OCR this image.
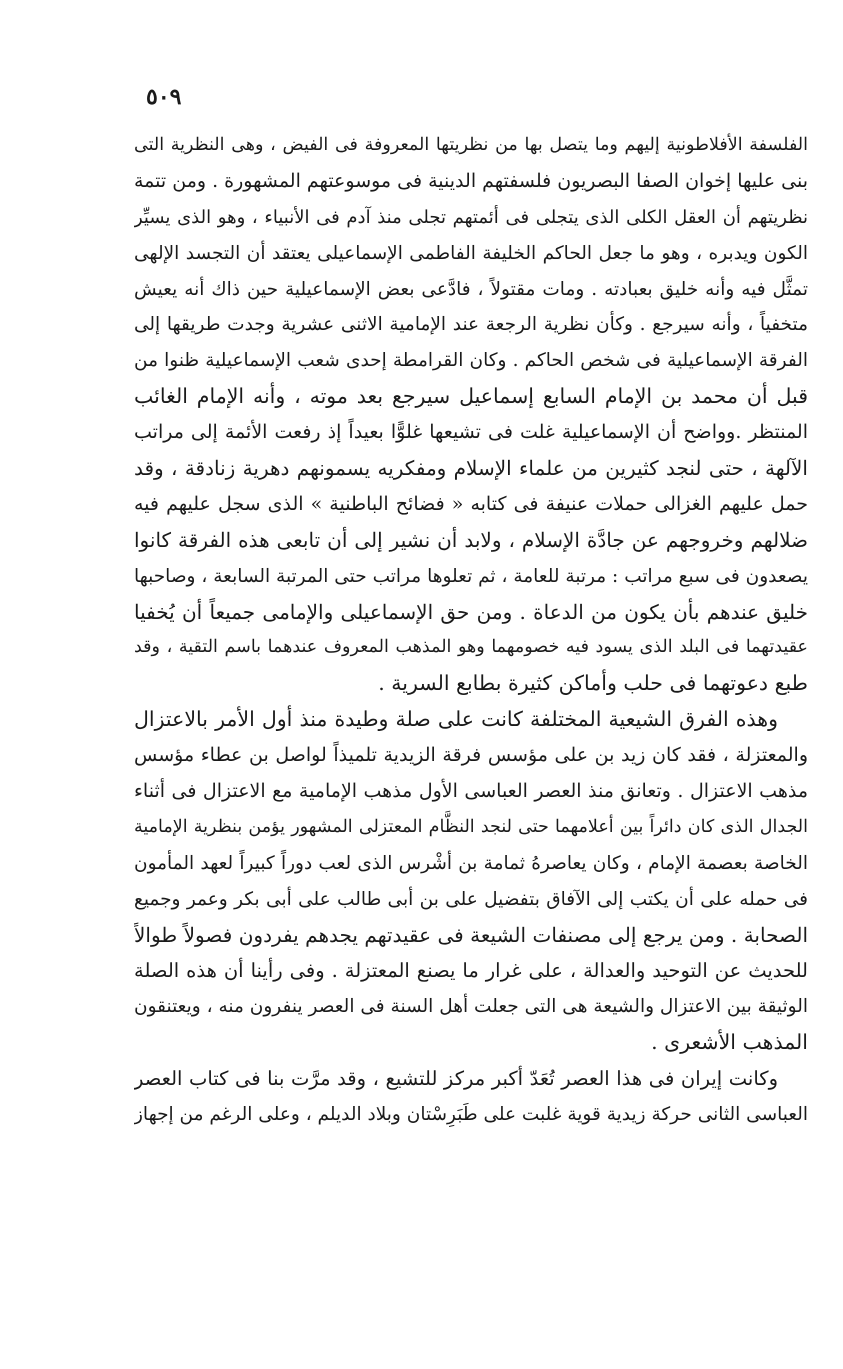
٥٠٩
الفلسفة الأفلاطونية إليهم وما يتصل بها من نظريتها المعروفة فى الفيض ، وهى النظرية التى
بنى عليها إخوان الصفا البصريون فلسفتهم الدينية فى موسوعتهم المشهورة . ومن تتمة
نظريتهم أن العقل الكلى الذى يتجلى فى أئمتهم تجلى منذ آدم فى الأنبياء ، وهو الذى يسيِّر
الكون ويدبره ، وهو ما جعل الحاكم الخليفة الفاطمى الإسماعيلى يعتقد أن التجسد الإلهى
تمثَّل فيه وأنه خليق بعبادته . ومات مقتولاً ، فادَّعى بعض الإسماعيلية حين ذاك أنه يعيش
متخفياً ، وأنه سيرجع . وكأن نظرية الرجعة عند الإمامية الاثنى عشرية وجدت طريقها إلى
الفرقة الإسماعيلية فى شخص الحاكم . وكان القرامطة إحدى شعب الإسماعيلية ظنوا من
قبل أن محمد بن الإمام السابع إسماعيل سيرجع بعد موته ، وأنه الإمام الغائب
المنتظر .وواضح أن الإسماعيلية غلت فى تشيعها غلوًّا بعيداً إذ رفعت الأئمة إلى مراتب
الآلهة ، حتى لنجد كثيرين من علماء الإسلام ومفكريه يسمونهم دهرية زنادقة ، وقد
حمل عليهم الغزالى حملات عنيفة فى كتابه « فضائح الباطنية » الذى سجل عليهم فيه
ضلالهم وخروجهم عن جادَّة الإسلام ، ولابد أن نشير إلى أن تابعى هذه الفرقة كانوا
يصعدون فى سبع مراتب : مرتبة للعامة ، ثم تعلوها مراتب حتى المرتبة السابعة ، وصاحبها
خليق عندهم بأن يكون من الدعاة . ومن حق الإسماعيلى والإمامى جميعاً أن يُخفيا
عقيدتهما فى البلد الذى يسود فيه خصومهما وهو المذهب المعروف عندهما باسم التقية ، وقد
طبع دعوتهما فى حلب وأماكن كثيرة بطابع السرية .
وهذه الفرق الشيعية المختلفة كانت على صلة وطيدة منذ أول الأمر بالاعتزال
والمعتزلة ، فقد كان زيد بن على مؤسس فرقة الزيدية تلميذاً لواصل بن عطاء مؤسس
مذهب الاعتزال . وتعانق منذ العصر العباسى الأول مذهب الإمامية مع الاعتزال فى أثناء
الجدال الذى كان دائراً بين أعلامهما حتى لنجد النظَّام المعتزلى المشهور يؤمن بنظرية الإمامية
الخاصة بعصمة الإمام ، وكان يعاصرهُ ثمامة بن أشْرس الذى لعب دوراً كبيراً لعهد المأمون
فى حمله على أن يكتب إلى الآفاق بتفضيل على بن أبى طالب على أبى بكر وعمر وجميع
الصحابة . ومن يرجع إلى مصنفات الشيعة فى عقيدتهم يجدهم يفردون فصولاً طوالاً
للحديث عن التوحيد والعدالة ، على غرار ما يصنع المعتزلة . وفى رأينا أن هذه الصلة
الوثيقة بين الاعتزال والشيعة هى التى جعلت أهل السنة فى العصر ينفرون منه ، ويعتنقون
المذهب الأشعرى .
وكانت إيران فى هذا العصر تُعَدّ أكبر مركز للتشيع ، وقد مرَّت بنا فى كتاب العصر
العباسى الثانى حركة زيدية قوية غلبت على طَبَرِسْتان وبلاد الديلم ، وعلى الرغم من إجهاز
